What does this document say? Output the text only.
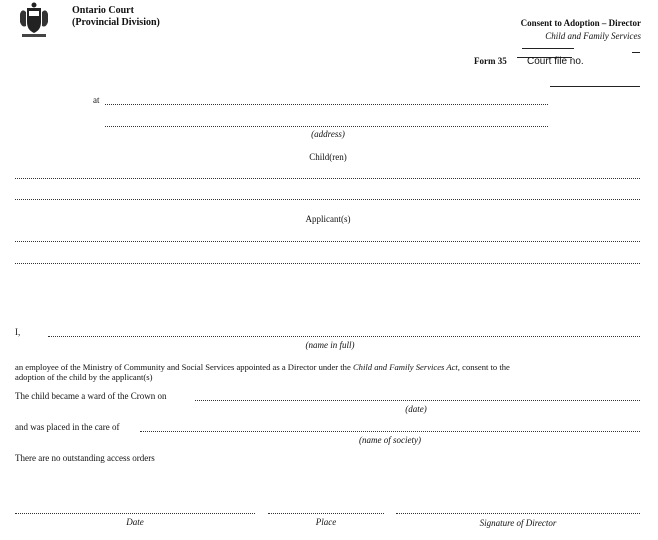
Ontario Court
(Provincial Division)	Consent to Adoption – Director
Child and Family Services
Form 35 Court file no.
at
(address)
Child(ren)
Applicant(s)
I,
(name in full)
an employee of the Ministry of Community and Social Services appointed as a Director under the Child and Family Services Act, consent to the
adoption of the child by the applicant(s)
The child became a ward of the Crown on
(date)
and was placed in the care of
(name of society)
There are no outstanding access orders
Date	Place	Signature of Director
